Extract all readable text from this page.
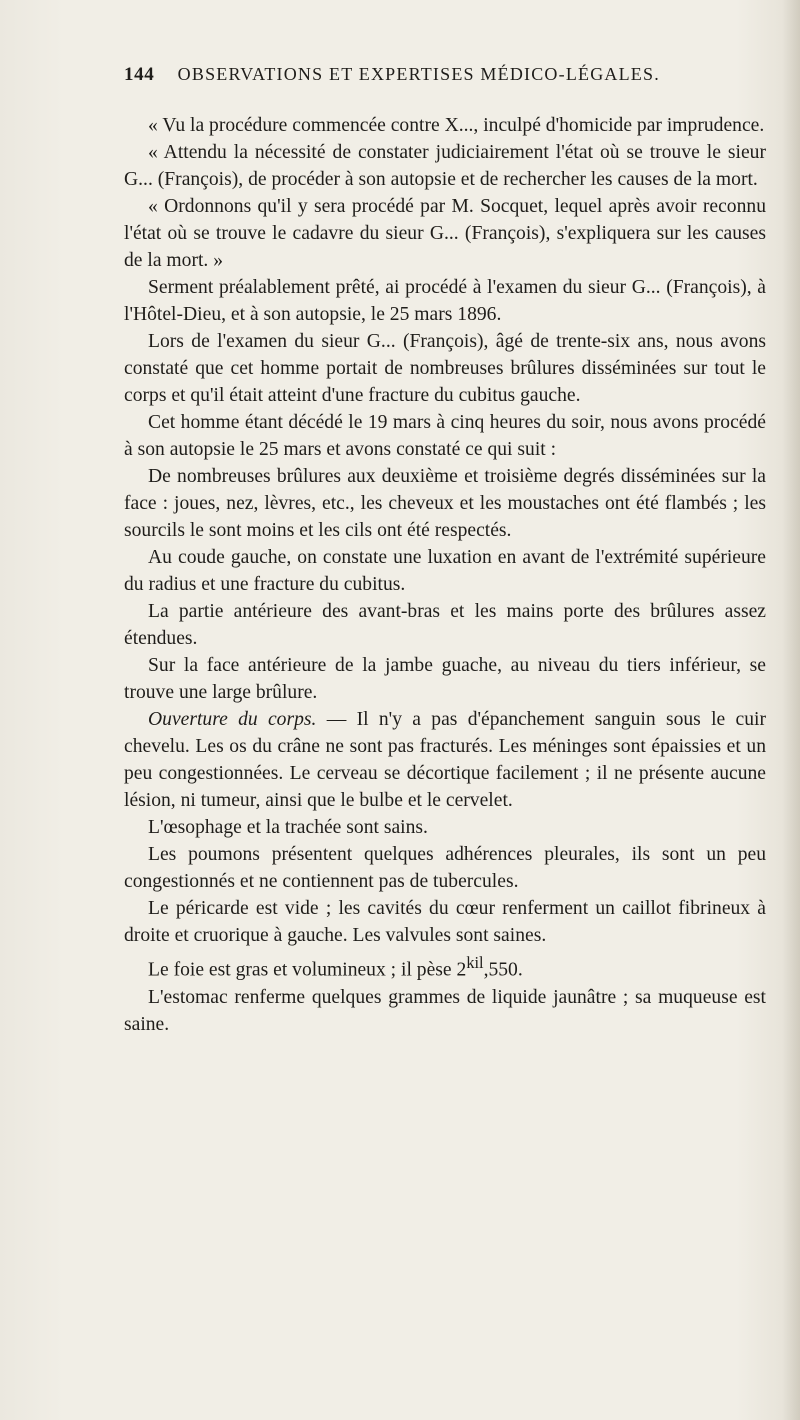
144 OBSERVATIONS ET EXPERTISES MÉDICO-LÉGALES.

« Vu la procédure commencée contre X..., inculpé d'homicide par imprudence.

« Attendu la nécessité de constater judiciairement l'état où se trouve le sieur G... (François), de procéder à son autopsie et de rechercher les causes de la mort.

« Ordonnons qu'il y sera procédé par M. Socquet, lequel après avoir reconnu l'état où se trouve le cadavre du sieur G... (François), s'expliquera sur les causes de la mort. »

Serment préalablement prêté, ai procédé à l'examen du sieur G... (François), à l'Hôtel-Dieu, et à son autopsie, le 25 mars 1896.

Lors de l'examen du sieur G... (François), âgé de trente-six ans, nous avons constaté que cet homme portait de nombreuses brûlures disséminées sur tout le corps et qu'il était atteint d'une fracture du cubitus gauche.

Cet homme étant décédé le 19 mars à cinq heures du soir, nous avons procédé à son autopsie le 25 mars et avons constaté ce qui suit :

De nombreuses brûlures aux deuxième et troisième degrés disséminées sur la face : joues, nez, lèvres, etc., les cheveux et les moustaches ont été flambés ; les sourcils le sont moins et les cils ont été respectés.

Au coude gauche, on constate une luxation en avant de l'extrémité supérieure du radius et une fracture du cubitus.

La partie antérieure des avant-bras et les mains porte des brûlures assez étendues.

Sur la face antérieure de la jambe guache, au niveau du tiers inférieur, se trouve une large brûlure.

Ouverture du corps. — Il n'y a pas d'épanchement sanguin sous le cuir chevelu. Les os du crâne ne sont pas fracturés. Les méninges sont épaissies et un peu congestionnées. Le cerveau se décortique facilement ; il ne présente aucune lésion, ni tumeur, ainsi que le bulbe et le cervelet.

L'œsophage et la trachée sont sains.

Les poumons présentent quelques adhérences pleurales, ils sont un peu congestionnés et ne contiennent pas de tubercules.

Le péricarde est vide ; les cavités du cœur renferment un caillot fibrineux à droite et cruorique à gauche. Les valvules sont saines.

Le foie est gras et volumineux ; il pèse $2^{kil},550$.

L'estomac renferme quelques grammes de liquide jaunâtre ; sa muqueuse est saine.
